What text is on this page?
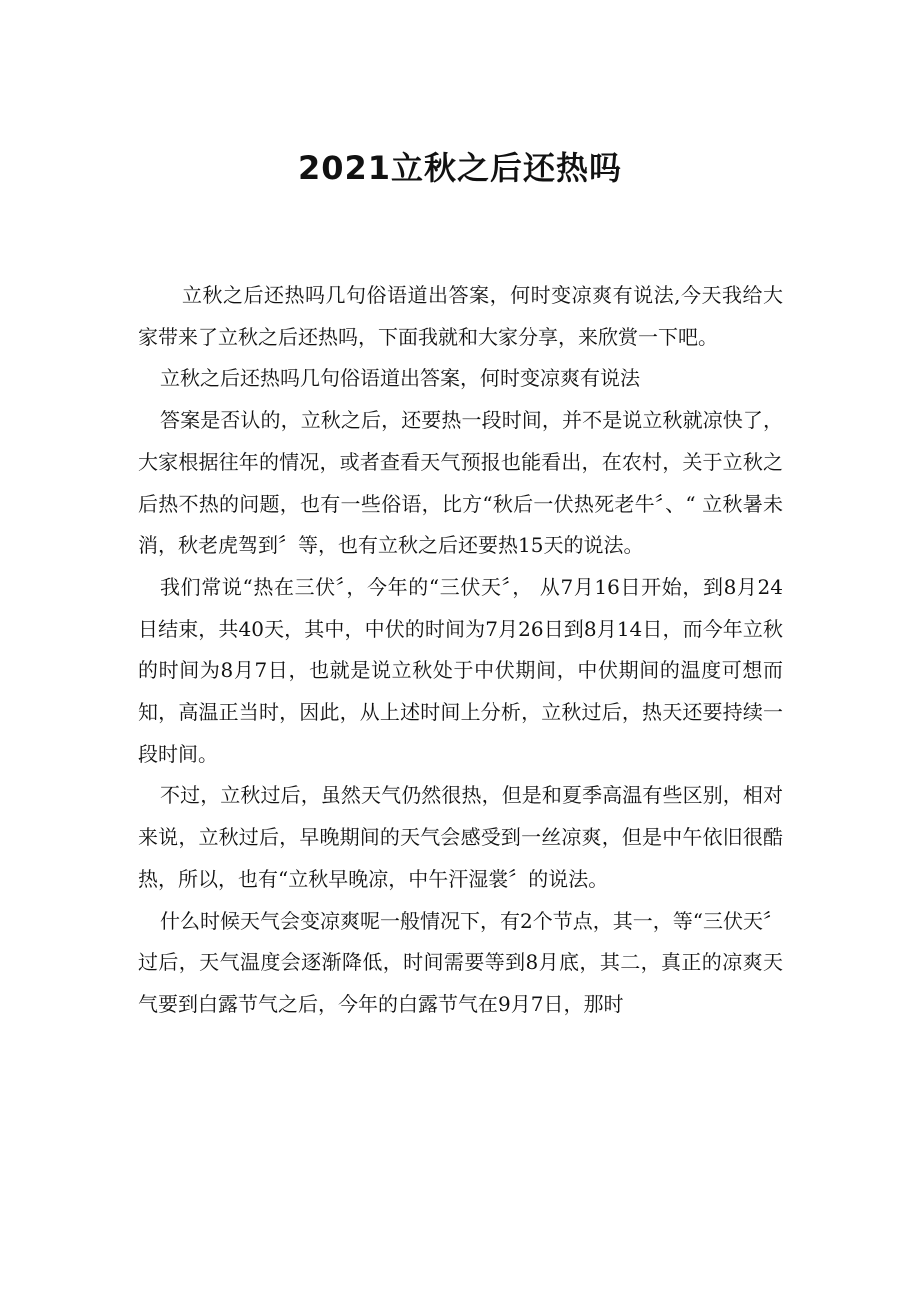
2021立秋之后还热吗

立秋之后还热吗几句俗语道出答案，何时变凉爽有说法,今天我给大家带来了立秋之后还热吗，下面我就和大家分享，来欣赏一下吧。

立秋之后还热吗几句俗语道出答案，何时变凉爽有说法

答案是否认的，立秋之后，还要热一段时间，并不是说立秋就凉快了，大家根据往年的情况，或者查看天气预报也能看出，在农村，关于立秋之后热不热的问题，也有一些俗语，比方“秋后一伏热死老牛〞、“ 立秋暑未消，秋老虎驾到〞等，也有立秋之后还要热15天的说法。

我们常说“热在三伏〞，今年的“三伏天〞， 从7月16日开始，到8月24日结束，共40天，其中，中伏的时间为7月26日到8月14日，而今年立秋的时间为8月7日，也就是说立秋处于中伏期间，中伏期间的温度可想而知，高温正当时，因此，从上述时间上分析，立秋过后，热天还要持续一段时间。

不过，立秋过后，虽然天气仍然很热，但是和夏季高温有些区别，相对来说，立秋过后，早晚期间的天气会感受到一丝凉爽，但是中午依旧很酷热，所以，也有“立秋早晚凉，中午汗湿裳〞的说法。

什么时候天气会变凉爽呢一般情况下，有2个节点，其一，等“三伏天〞过后，天气温度会逐渐降低，时间需要等到8月底，其二，真正的凉爽天气要到白露节气之后，今年的白露节气在9月7日，那时
